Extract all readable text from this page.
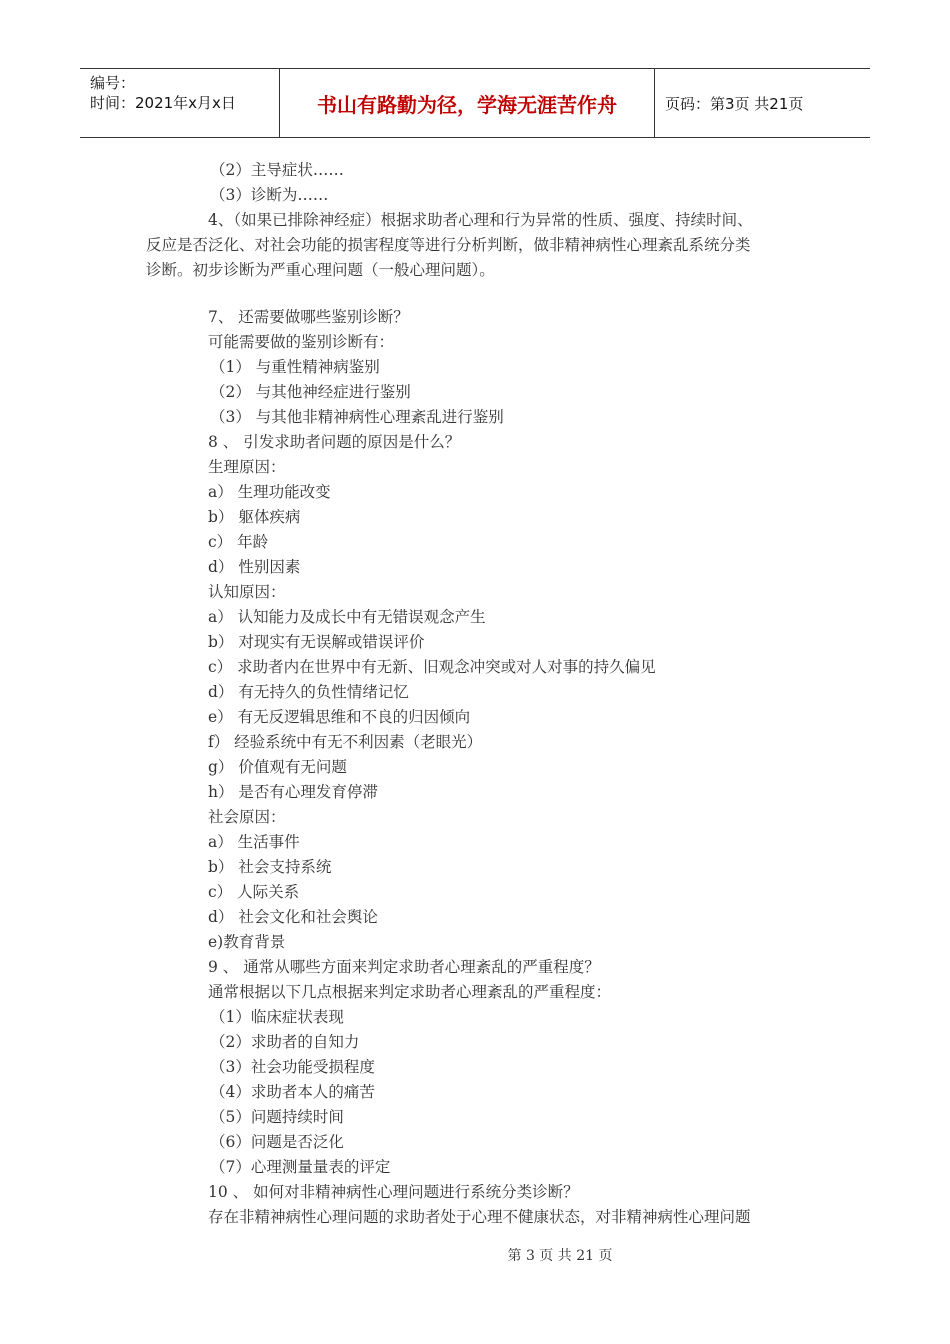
编号：
时间：2021年x月x日	书山有路勤为径，学海无涯苦作舟	页码：第3页 共21页
（2）主导症状……
（3）诊断为……
4、（如果已排除神经症）根据求助者心理和行为异常的性质、强度、持续时间、
反应是否泛化、对社会功能的损害程度等进行分析判断，做非精神病性心理紊乱系统分类
诊断。初步诊断为严重心理问题（一般心理问题）。
7、 还需要做哪些鉴别诊断？
可能需要做的鉴别诊断有：
（1） 与重性精神病鉴别
（2） 与其他神经症进行鉴别
（3） 与其他非精神病性心理紊乱进行鉴别
8 、 引发求助者问题的原因是什么？
生理原因：
a） 生理功能改变
b） 躯体疾病
c） 年龄
d） 性别因素
认知原因：
a） 认知能力及成长中有无错误观念产生
b） 对现实有无误解或错误评价
c） 求助者内在世界中有无新、旧观念冲突或对人对事的持久偏见
d） 有无持久的负性情绪记忆
e） 有无反逻辑思维和不良的归因倾向
f） 经验系统中有无不利因素（老眼光）
g） 价值观有无问题
h） 是否有心理发育停滞
社会原因：
a） 生活事件
b） 社会支持系统
c） 人际关系
d） 社会文化和社会舆论
e)教育背景
9 、 通常从哪些方面来判定求助者心理紊乱的严重程度？
通常根据以下几点根据来判定求助者心理紊乱的严重程度：
（1）临床症状表现
（2）求助者的自知力
（3）社会功能受损程度
（4）求助者本人的痛苦
（5）问题持续时间
（6）问题是否泛化
（7）心理测量量表的评定
10 、 如何对非精神病性心理问题进行系统分类诊断？
存在非精神病性心理问题的求助者处于心理不健康状态，对非精神病性心理问题
第 3 页 共 21 页
